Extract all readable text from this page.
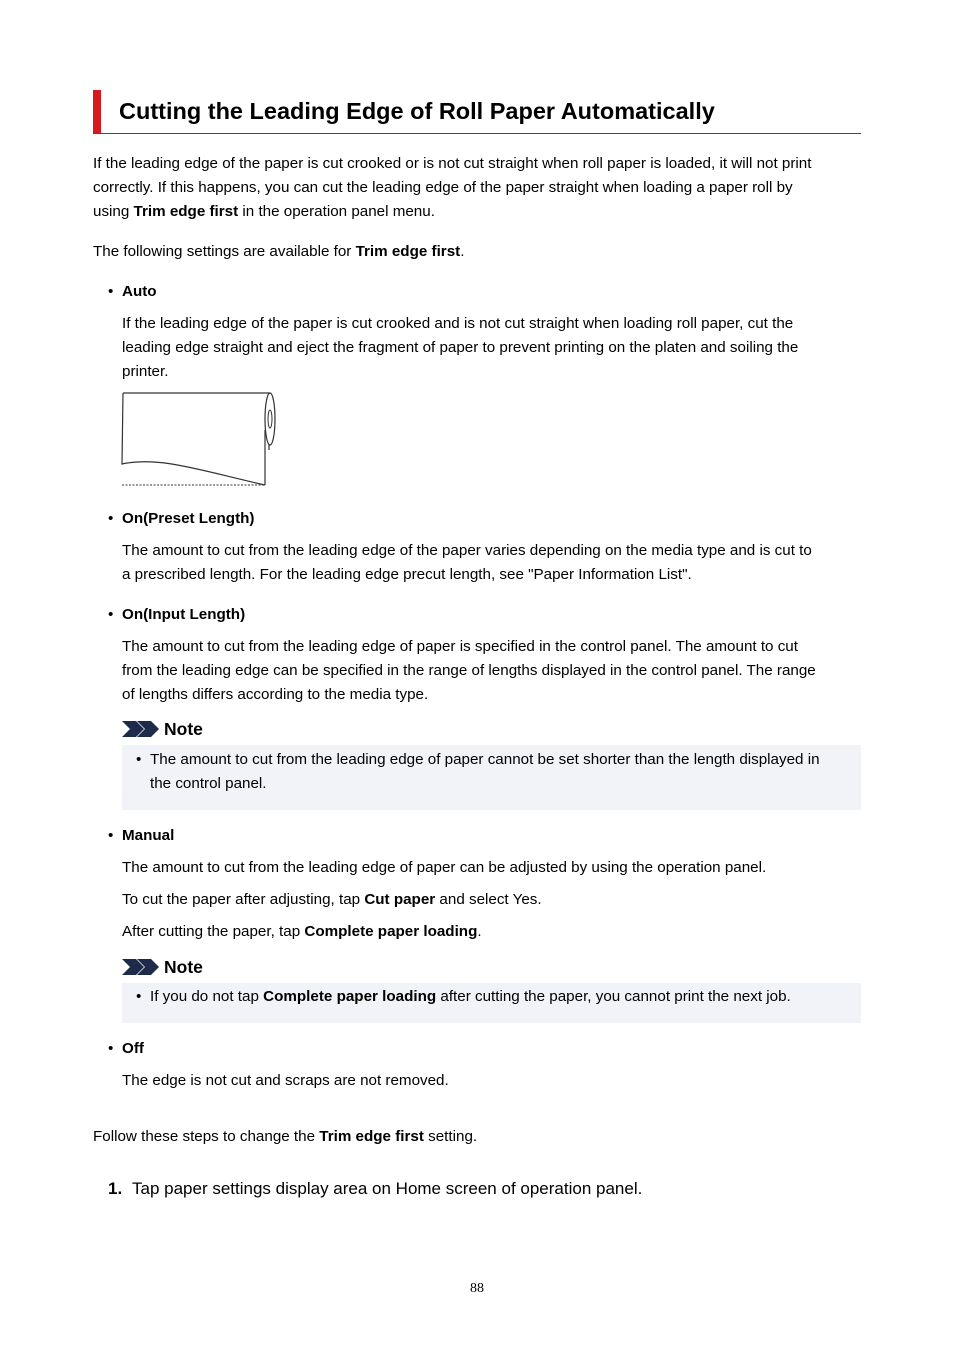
Cutting the Leading Edge of Roll Paper Automatically

If the leading edge of the paper is cut crooked or is not cut straight when roll paper is loaded, it will not print

correctly. If this happens, you can cut the leading edge of the paper straight when loading a paper roll by

using Trim edge first in the operation panel menu.

The following settings are available for Trim edge first.

• Auto

If the leading edge of the paper is cut crooked and is not cut straight when loading roll paper, cut the

leading edge straight and eject the fragment of paper to prevent printing on the platen and soiling the

printer.

• On(Preset Length)

The amount to cut from the leading edge of the paper varies depending on the media type and is cut to

a prescribed length. For the leading edge precut length, see "Paper Information List".

• On(Input Length)

The amount to cut from the leading edge of paper is specified in the control panel. The amount to cut

from the leading edge can be specified in the range of lengths displayed in the control panel. The range

of lengths differs according to the media type.

Note
• The amount to cut from the leading edge of paper cannot be set shorter than the length displayed in

the control panel.

• Manual

The amount to cut from the leading edge of paper can be adjusted by using the operation panel.

To cut the paper after adjusting, tap Cut paper and select Yes.

After cutting the paper, tap Complete paper loading.

Note
• If you do not tap Complete paper loading after cutting the paper, you cannot print the next job.

• Off

The edge is not cut and scraps are not removed.

Follow these steps to change the Trim edge first setting.

1. Tap paper settings display area on Home screen of operation panel.
88
